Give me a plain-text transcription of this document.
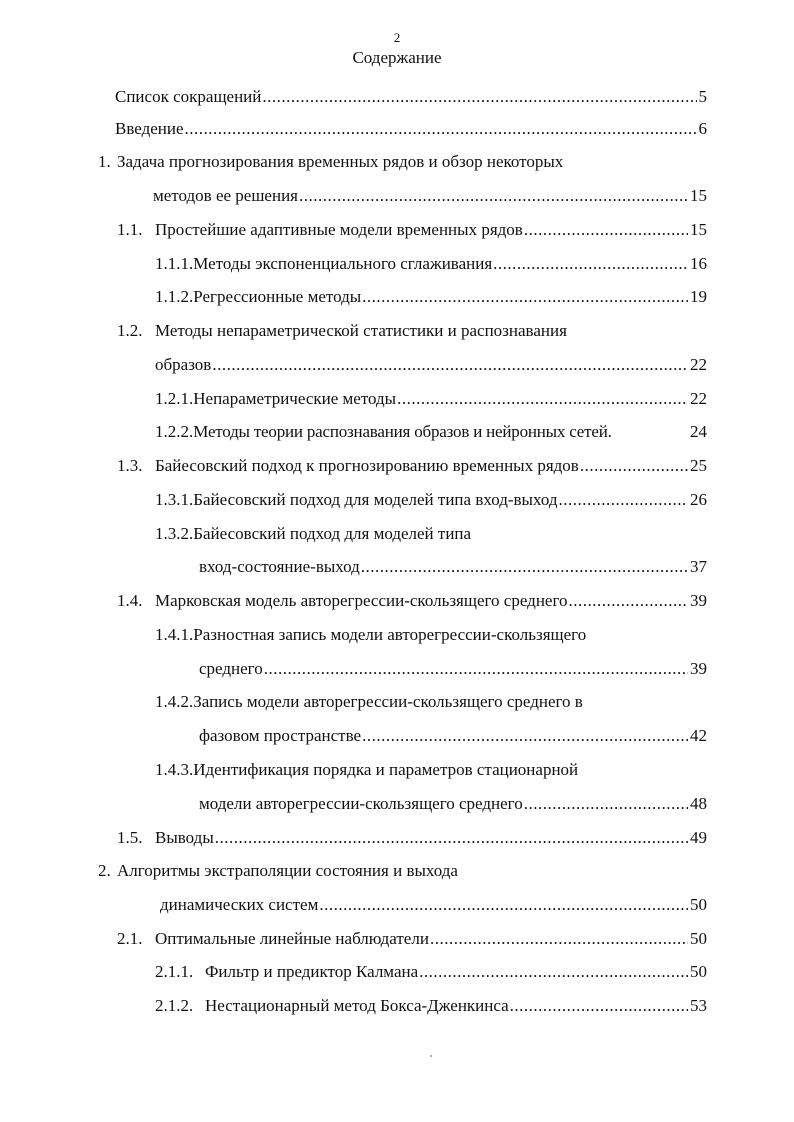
2
Содержание
Список сокращений .....	5
Введение .....	6
1. Задача прогнозирования временных рядов и обзор некоторых
методов ее решения .....	15
1.1. Простейшие адаптивные модели временных рядов .....	15
1.1.1. Методы экспоненциального сглаживания .....	16
1.1.2. Регрессионные методы .....	19
1.2. Методы непараметрической статистики и распознавания
образов .....	22
1.2.1. Непараметрические методы .....	22
1.2.2. Методы теории распознавания образов и нейронных сетей.	24
1.3. Байесовский подход к прогнозированию временных рядов .....	25
1.3.1. Байесовский подход для моделей типа вход-выход .....	26
1.3.2. Байесовский подход для моделей типа
вход-состояние-выход .....	37
1.4. Марковская модель авторегрессии-скользящего среднего .....	39
1.4.1. Разностная запись модели авторегрессии-скользящего
среднего .....	39
1.4.2. Запись модели авторегрессии-скользящего среднего в
фазовом пространстве .....	42
1.4.3. Идентификация порядка и параметров стационарной
модели авторегрессии-скользящего среднего .....	48
1.5. Выводы .....	49
2. Алгоритмы экстраполяции состояния и выхода
динамических систем .....	50
2.1. Оптимальные линейные наблюдатели .....	50
2.1.1. Фильтр и предиктор Калмана .....	50
2.1.2. Нестационарный метод Бокса-Дженкинса .....	53
